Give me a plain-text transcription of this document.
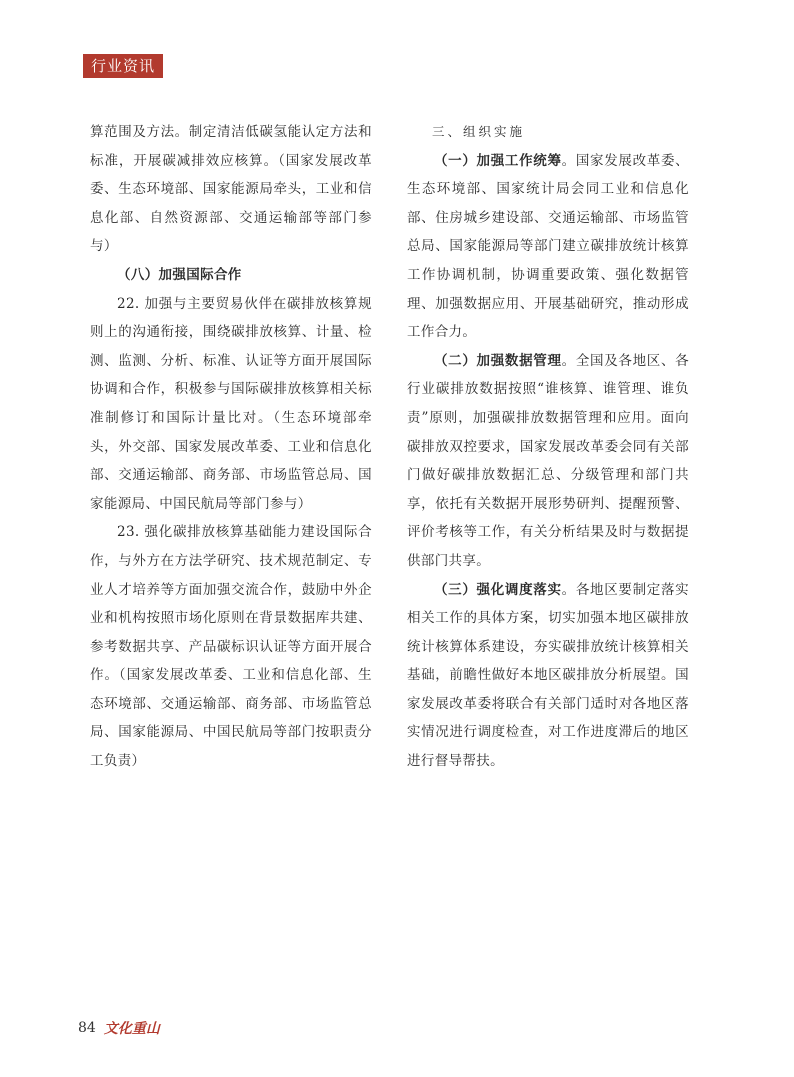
行业资讯

算范围及方法。制定清洁低碳氢能认定方法和标准，开展碳减排效应核算。（国家发展改革委、生态环境部、国家能源局牵头，工业和信息化部、自然资源部、交通运输部等部门参与）

（八）加强国际合作

22. 加强与主要贸易伙伴在碳排放核算规则上的沟通衔接，围绕碳排放核算、计量、检测、监测、分析、标准、认证等方面开展国际协调和合作，积极参与国际碳排放核算相关标准制修订和国际计量比对。（生态环境部牵头，外交部、国家发展改革委、工业和信息化部、交通运输部、商务部、市场监管总局、国家能源局、中国民航局等部门参与）

23. 强化碳排放核算基础能力建设国际合作，与外方在方法学研究、技术规范制定、专业人才培养等方面加强交流合作，鼓励中外企业和机构按照市场化原则在背景数据库共建、参考数据共享、产品碳标识认证等方面开展合作。（国家发展改革委、工业和信息化部、生态环境部、交通运输部、商务部、市场监管总局、国家能源局、中国民航局等部门按职责分工负责）

三、组织实施

（一）加强工作统筹。国家发展改革委、生态环境部、国家统计局会同工业和信息化部、住房城乡建设部、交通运输部、市场监管总局、国家能源局等部门建立碳排放统计核算工作协调机制，协调重要政策、强化数据管理、加强数据应用、开展基础研究，推动形成工作合力。

（二）加强数据管理。全国及各地区、各行业碳排放数据按照“谁核算、谁管理、谁负责”原则，加强碳排放数据管理和应用。面向碳排放双控要求，国家发展改革委会同有关部门做好碳排放数据汇总、分级管理和部门共享，依托有关数据开展形势研判、提醒预警、评价考核等工作，有关分析结果及时与数据提供部门共享。

（三）强化调度落实。各地区要制定落实相关工作的具体方案，切实加强本地区碳排放统计核算体系建设，夯实碳排放统计核算相关基础，前瞻性做好本地区碳排放分析展望。国家发展改革委将联合有关部门适时对各地区落实情况进行调度检查，对工作进度滞后的地区进行督导帮扶。

84 文化重山
